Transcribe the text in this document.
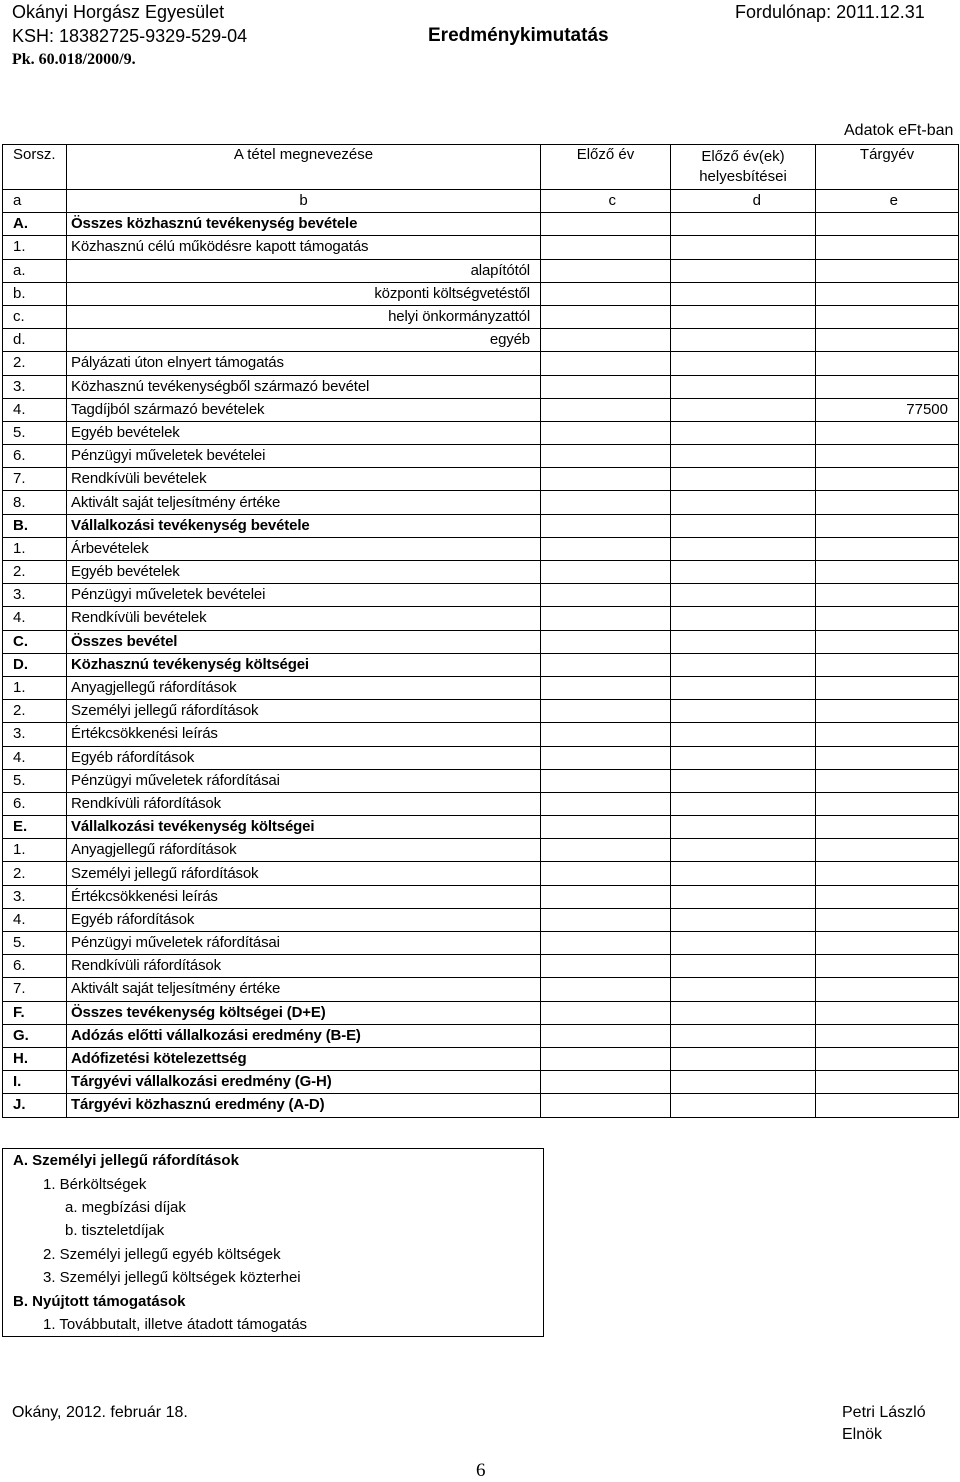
Okányi Horgász Egyesület
KSH: 18382725-9329-529-04
Pk. 60.018/2000/9.
Eredménykimutatás
Fordulónap: 2011.12.31
Adatok eFt-ban
Sorsz.	A tétel megnevezése	Előző év	Előző év(ek) helyesbítései	Tárgyév
a	b	c	d	e
A.	Összes közhasznú tevékenység bevétele			
1.	Közhasznú célú működésre kapott támogatás			
a.	alapítótól			
b.	központi költségvetéstől			
c.	helyi önkormányzattól			
d.	egyéb			
2.	Pályázati úton elnyert támogatás			
3.	Közhasznú tevékenységből származó bevétel			
4.	Tagdíjból származó bevételek			77500
5.	Egyéb bevételek			
6.	Pénzügyi műveletek bevételei			
7.	Rendkívüli bevételek			
8.	Aktivált saját teljesítmény értéke			
B.	Vállalkozási tevékenység bevétele			
1.	Árbevételek			
2.	Egyéb bevételek			
3.	Pénzügyi műveletek bevételei			
4.	Rendkívüli bevételek			
C.	Összes bevétel			
D.	Közhasznú tevékenység költségei			
1.	Anyagjellegű ráfordítások			
2.	Személyi jellegű ráfordítások			
3.	Értékcsökkenési leírás			
4.	Egyéb ráfordítások			
5.	Pénzügyi műveletek ráfordításai			
6.	Rendkívüli ráfordítások			
E.	Vállalkozási tevékenység költségei			
1.	Anyagjellegű ráfordítások			
2.	Személyi jellegű ráfordítások			
3.	Értékcsökkenési leírás			
4.	Egyéb ráfordítások			
5.	Pénzügyi műveletek ráfordításai			
6.	Rendkívüli ráfordítások			
7.	Aktivált saját teljesítmény értéke			
F.	Összes tevékenység költségei (D+E)			
G.	Adózás előtti vállalkozási eredmény (B-E)			
H.	Adófizetési kötelezettség			
I.	Tárgyévi vállalkozási eredmény (G-H)			
J.	Tárgyévi közhasznú eredmény (A-D)			
A. Személyi jellegű ráfordítások
1. Bérköltségek
a. megbízási díjak
b. tiszteletdíjak
2. Személyi jellegű egyéb költségek
3. Személyi jellegű költségek közterhei
B. Nyújtott támogatások
1. Továbbutalt, illetve átadott támogatás
Okány, 2012. február 18.	Petri László
Elnök
6
